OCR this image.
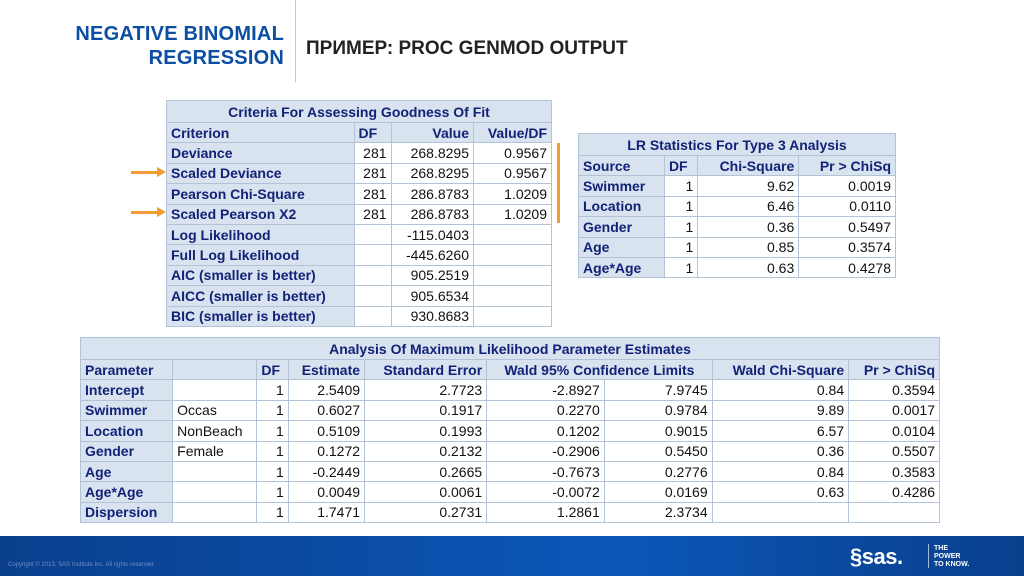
NEGATIVE BINOMIAL
REGRESSION ПРИМЕР: PROC GENMOD OUTPUT
Criteria For Assessing Goodness Of Fit			
Criterion	DF	Value	Value/DF
Deviance	281	268.8295	0.9567
Scaled Deviance	281	268.8295	0.9567
Pearson Chi-Square	281	286.8783	1.0209
Scaled Pearson X2	281	286.8783	1.0209
Log Likelihood		-115.0403	
Full Log Likelihood		-445.6260	
AIC (smaller is better)		905.2519	
AICC (smaller is better)		905.6534	
BIC (smaller is better)		930.8683	
LR Statistics For Type 3 Analysis			
Source	DF	Chi-Square	Pr > ChiSq
Swimmer	1	9.62	0.0019
Location	1	6.46	0.0110
Gender	1	0.36	0.5497
Age	1	0.85	0.3574
Age*Age	1	0.63	0.4278
Analysis Of Maximum Likelihood Parameter Estimates								
Parameter		DF	Estimate	Standard Error	Wald 95% Confidence Limits		Wald Chi-Square	Pr > ChiSq
Intercept		1	2.5409	2.7723	-2.8927	7.9745	0.84	0.3594
Swimmer	Occas	1	0.6027	0.1917	0.2270	0.9784	9.89	0.0017
Location	NonBeach	1	0.5109	0.1993	0.1202	0.9015	6.57	0.0104
Gender	Female	1	0.1272	0.2132	-0.2906	0.5450	0.36	0.5507
Age		1	-0.2449	0.2665	-0.7673	0.2776	0.84	0.3583
Age*Age		1	0.0049	0.0061	-0.0072	0.0169	0.63	0.4286
Dispersion		1	1.7471	0.2731	1.2861	2.3734		
Copyright © 2013, SAS Institute Inc. All rights reserved.	§sas.	THE
POWER
TO KNOW.
